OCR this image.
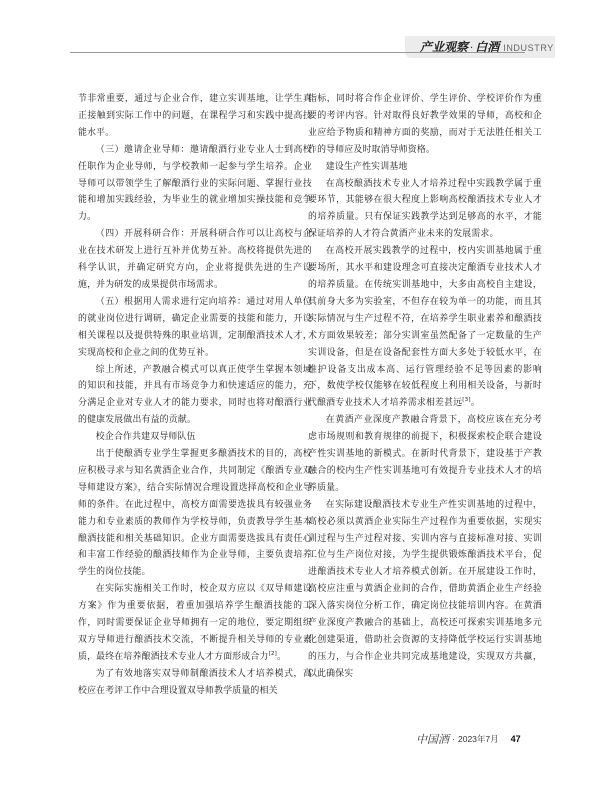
产业观察 · 白酒 INDUSTRY

节非常重要，通过与企业合作，建立实训基地，让学生真正接触到实际工作中的问题，在课程学习和实践中提高技能水平。

（三）邀请企业导师：邀请酿酒行业专业人士到高校任职作为企业导师，与学校教师一起参与学生培养。企业导师可以带领学生了解酿酒行业的实际问题、掌握行业技能和增加实践经验，为毕业生的就业增加实操技能和竞争力。

（四）开展科研合作：开展科研合作可以让高校与企业在技术研发上进行互补并优势互补。高校将提供先进的科学认识，并确定研究方向，企业将提供先进的生产设施，并为研发的成果提供市场需求。

（五）根据用人需求进行定向培养：通过对用人单位的就业岗位进行调研，确定企业需要的技能和能力，开设相关课程以及提供特殊的职业培训，定制酿酒技术人才，实现高校和企业之间的优势互补。

综上所述，产教融合模式可以真正使学生掌握本领域的知识和技能，并具有市场竞争力和快速适应的能力，充分满足企业对专业人才的能力要求，同时也将对酿酒行业的健康发展做出有益的贡献。

校企合作共建双导师队伍

出于使酿酒专业学生掌握更多酿酒技术的目的，高校应积极寻求与知名黄酒企业合作，共同制定《酿酒专业双导师建设方案》，结合实际情况合理设置选择高校和企业导师的条件。在此过程中，高校方面需要选拔具有较强业务能力和专业素质的教师作为学校导师，负责教导学生基本酿酒技能和相关基础知识。企业方面需要选拔具有责任心和丰富工作经验的酿酒技师作为企业导师，主要负责培养学生的岗位技能。

在实际实施相关工作时，校企双方应以《双导师建设方案》作为重要依据，着重加强培养学生酿酒技能的工作，同时需要保证企业导师拥有一定的地位，要定期组织双方导师进行酿酒技术交流，不断提升相关导师的专业素质，最终在培养酿酒技术专业人才方面形成合力[2]。

为了有效地落实双导师制酿酒技术人才培养模式，高校应在考评工作中合理设置双导师教学质量的相关

指标，同时将合作企业评价、学生评价、学校评价作为重要的考评内容。针对取得良好教学效果的导师，高校和企业应给予物质和精神方面的奖励，而对于无法胜任相关工作的导师应及时取消导师资格。

建设生产性实训基地

在高校酿酒技术专业人才培养过程中实践教学属于重要环节，其能够在很大程度上影响高校酿酒技术专业人才的培养质量。只有保证实践教学达到足够高的水平，才能保证培养的人才符合黄酒产业未来的发展需求。

在高校开展实践教学的过程中，校内实训基地属于重要场所，其水平和建设理念可直接决定酿酒专业技术人才的培养质量。在传统实训基地中，大多由高校自主建设，其前身大多为实验室，不但存在较为单一的功能，而且其实际情况与生产过程不符，在培养学生职业素养和酿酒技术方面效果较差；部分实训室虽然配备了一定数量的生产实训设备，但是在设备配套性方面大多处于较低水平，在维护设备支出成本高、运行管理经验不足等因素的影响下，数使学校仅能够在较低程度上利用相关设备，与新时代酿酒专业技术人才培养需求相差甚远[3]。

在黄酒产业深度产教融合背景下，高校应该在充分考虑市场规则和教育规律的前提下，积极探索校企联合建设产性实训基地的新模式。在新时代背景下，建设基于产教融合的校内生产性实训基地可有效提升专业技术人才的培养质量。

在实际建设酿酒技术专业生产性实训基地的过程中，高校必须以黄酒企业实际生产过程作为重要依据，实现实训过程与生产过程对接、实训内容与直接标准对接、实训工位与生产岗位对接，为学生提供锻炼酿酒技术平台，促进酿酒技术专业人才培养模式创新。在开展建设工作时，高校应注重与黄酒企业间的合作，借助黄酒企业生产经验深入落实岗位分析工作，确定岗位技能培训内容。在黄酒产业深度产教融合的基础上，高校还可探索实训基地多元化创建渠道，借助社会资源的支持降低学校运行实训基地的压力，与合作企业共同完成基地建设，实现双方共赢，以此确保实

中国酒 · 2023年7月 47
